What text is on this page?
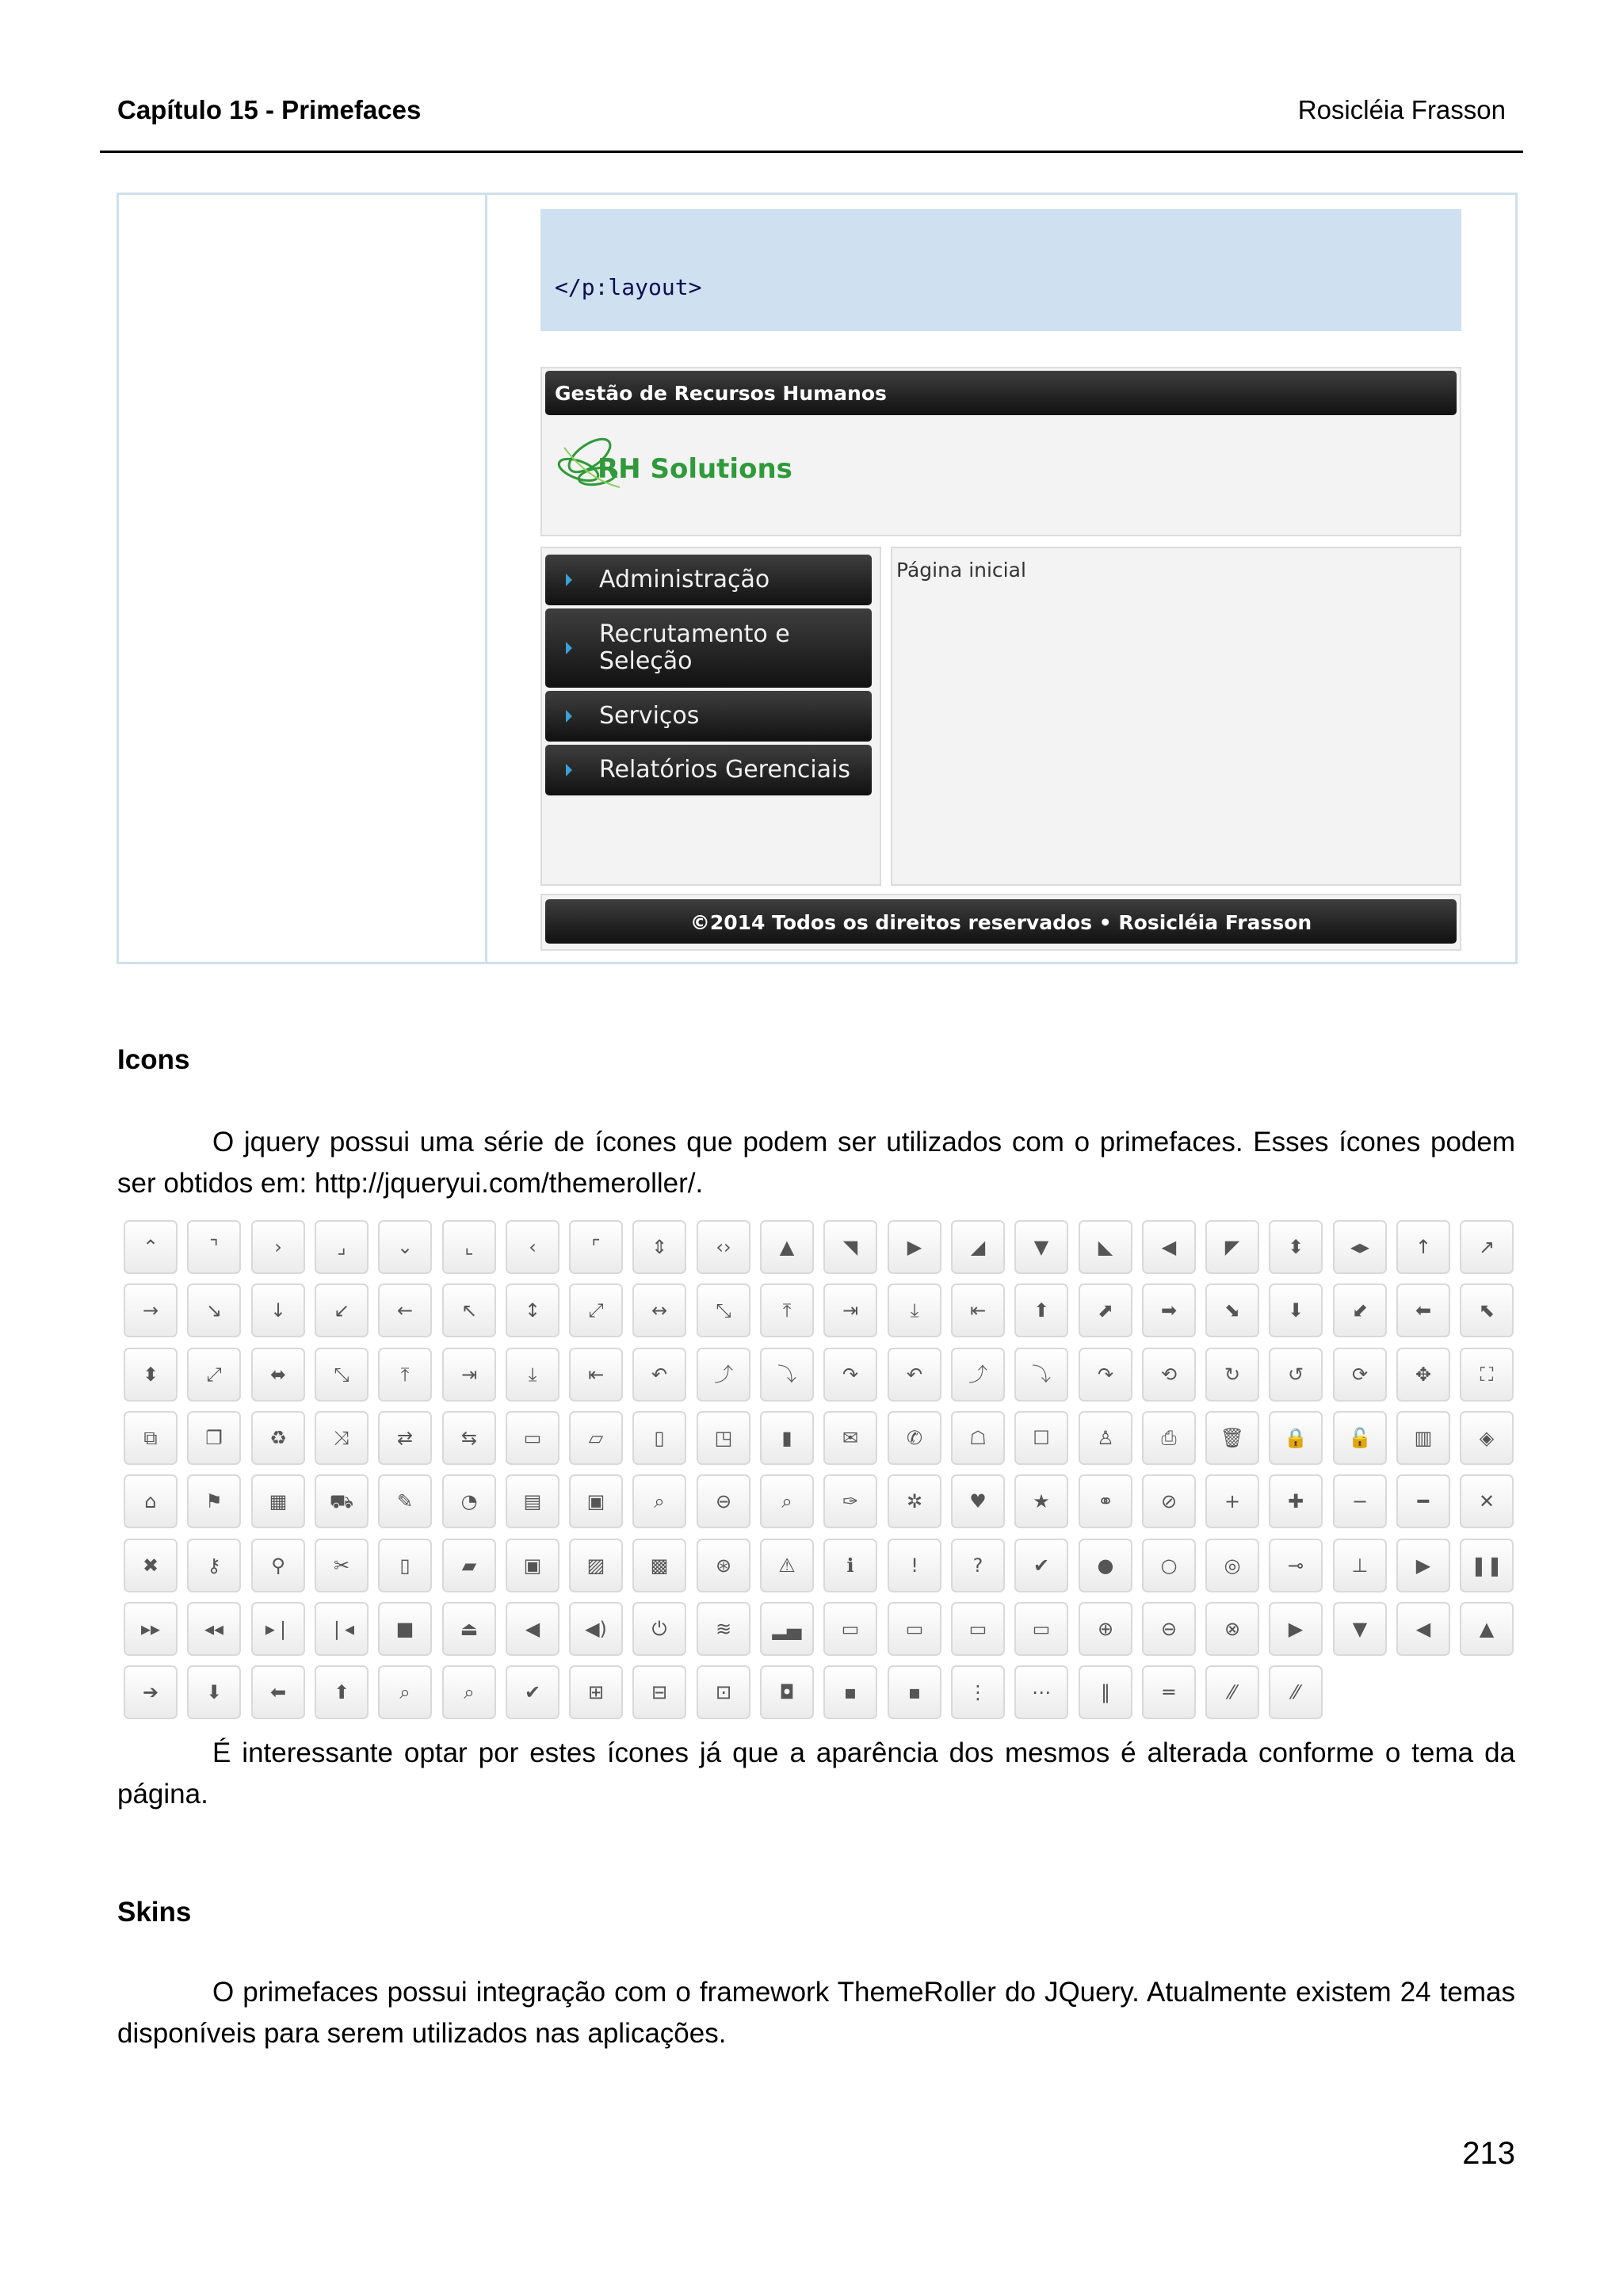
Capítulo 15 - Primefaces	Rosicléia Frasson
</p:layout>
Gestão de Recursos Humanos
RH Solutions
Página inicial
Administração
Recrutamento e
Seleção
Serviços
Relatórios Gerenciais
©2014 Todos os direitos reservados • Rosicléia Frasson
Icons
O jquery possui uma série de ícones que podem ser utilizados com o primefaces. Esses ícones podem ser obtidos em: http://jqueryui.com/themeroller/.
⌃	⌝	›	⌟	⌄	⌞	‹	⌜	⇕	‹›	▲	◥	▶	◢	▼	◣	◀	◤	⬍	◂▸	↑	↗
→	↘	↓	↙	←	↖	↕	⤢	↔	⤡	⤒	⇥	⤓	⇤	⬆	⬈	➡	⬊	⬇	⬋	⬅	⬉
⬍	⤢	⬌	⤡	⤒	⇥	⤓	⇤	↶	⤴	⤵	↷	↶	⤴	⤵	↷	⟲	↻	↺	⟳	✥	⛶
⧉	❐	♻	⤨	⇄	⇆	▭	▱	▯	◳	▮	✉	✆	☖	☐	♙	⎙	🗑	🔒	🔓	▥	◈
⌂	⚑	▦	⛟	✎	◔	▤	▣	⌕	⊖	⌕	✑	✲	♥	★	⚭	⊘	+	✚	−	━	✕
✖	⚷	⚲	✂	▯	▰	▣	▨	▩	⊛	⚠	ℹ	!	?	✔	●	○	◎	⊸	⊥	▶	❚❚
▸▸	◂◂	▸❘	❘◂	■	⏏	◀	◀)	⏻	≋	▂▄	▭	▭	▭	▭	⊕	⊖	⊗	▶	▼	◀	▲
➔	⬇	⬅	⬆	⌕	⌕	✔	⊞	⊟	⊡	◘	▪	▪	⋮	⋯	‖	═	⁄⁄	⁄⁄
É interessante optar por estes ícones já que a aparência dos mesmos é alterada conforme o tema da página.
Skins
O primefaces possui integração com o framework ThemeRoller do JQuery. Atualmente existem 24 temas disponíveis para serem utilizados nas aplicações.
213
